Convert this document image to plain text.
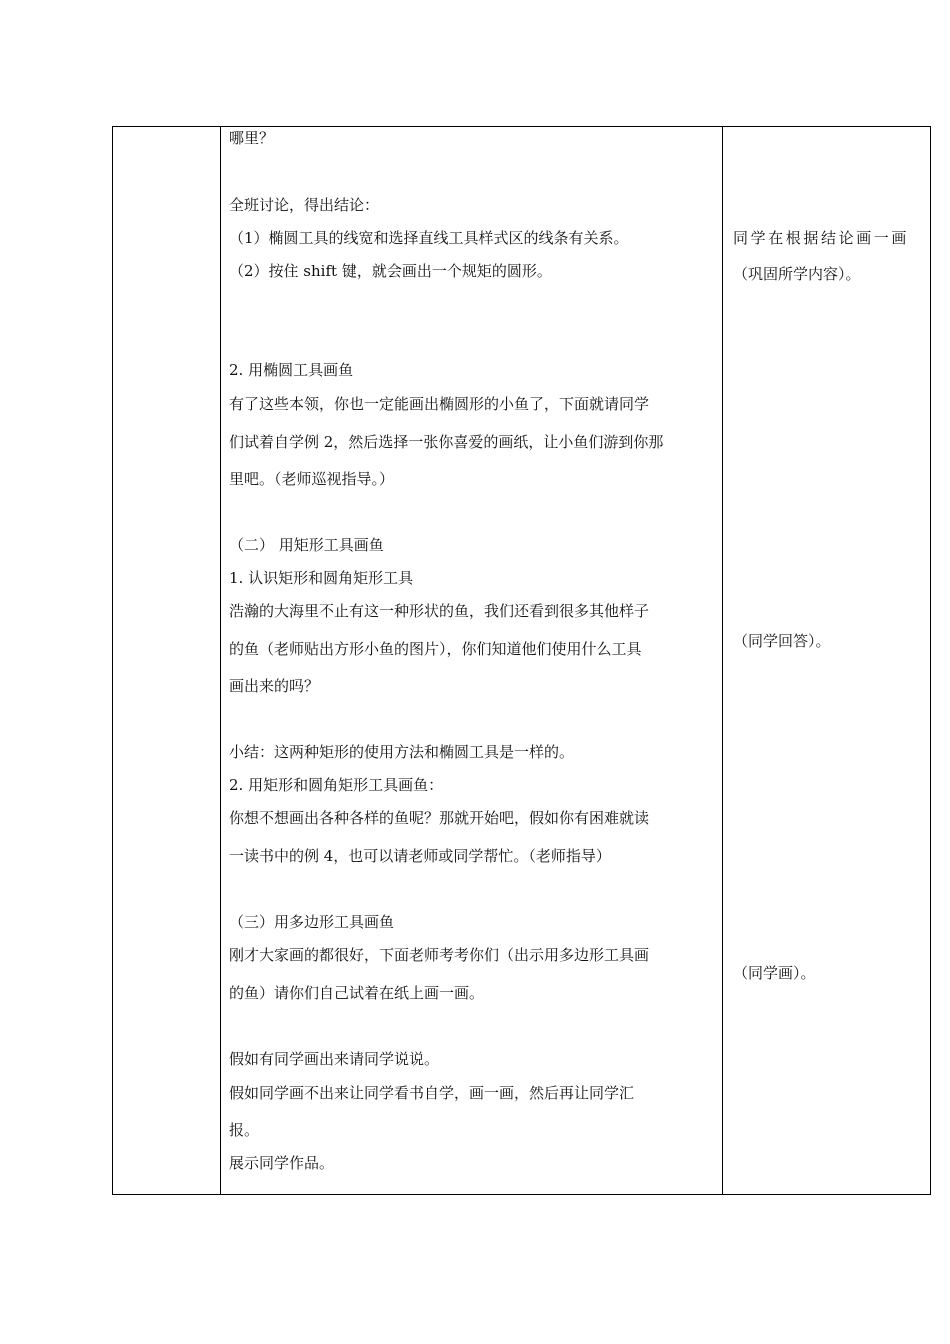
哪里？
全班讨论，得出结论：
（1）椭圆工具的线宽和选择直线工具样式区的线条有关系。
（2）按住 shift 键，就会画出一个规矩的圆形。
2. 用椭圆工具画鱼
有了这些本领，你也一定能画出椭圆形的小鱼了，下面就请同学
们试着自学例 2，然后选择一张你喜爱的画纸，让小鱼们游到你那
里吧。（老师巡视指导。）
（二） 用矩形工具画鱼
1. 认识矩形和圆角矩形工具
浩瀚的大海里不止有这一种形状的鱼，我们还看到很多其他样子
的鱼（老师贴出方形小鱼的图片），你们知道他们使用什么工具
画出来的吗？
小结：这两种矩形的使用方法和椭圆工具是一样的。
2. 用矩形和圆角矩形工具画鱼：
你想不想画出各种各样的鱼呢？那就开始吧，假如你有困难就读
一读书中的例 4，也可以请老师或同学帮忙。（老师指导）
（三）用多边形工具画鱼
刚才大家画的都很好，下面老师考考你们（出示用多边形工具画
的鱼）请你们自己试着在纸上画一画。
假如有同学画出来请同学说说。
假如同学画不出来让同学看书自学，画一画，然后再让同学汇
报。
展示同学作品。
同学在根据结论画一画
（巩固所学内容）。
（同学回答）。
（同学画）。
